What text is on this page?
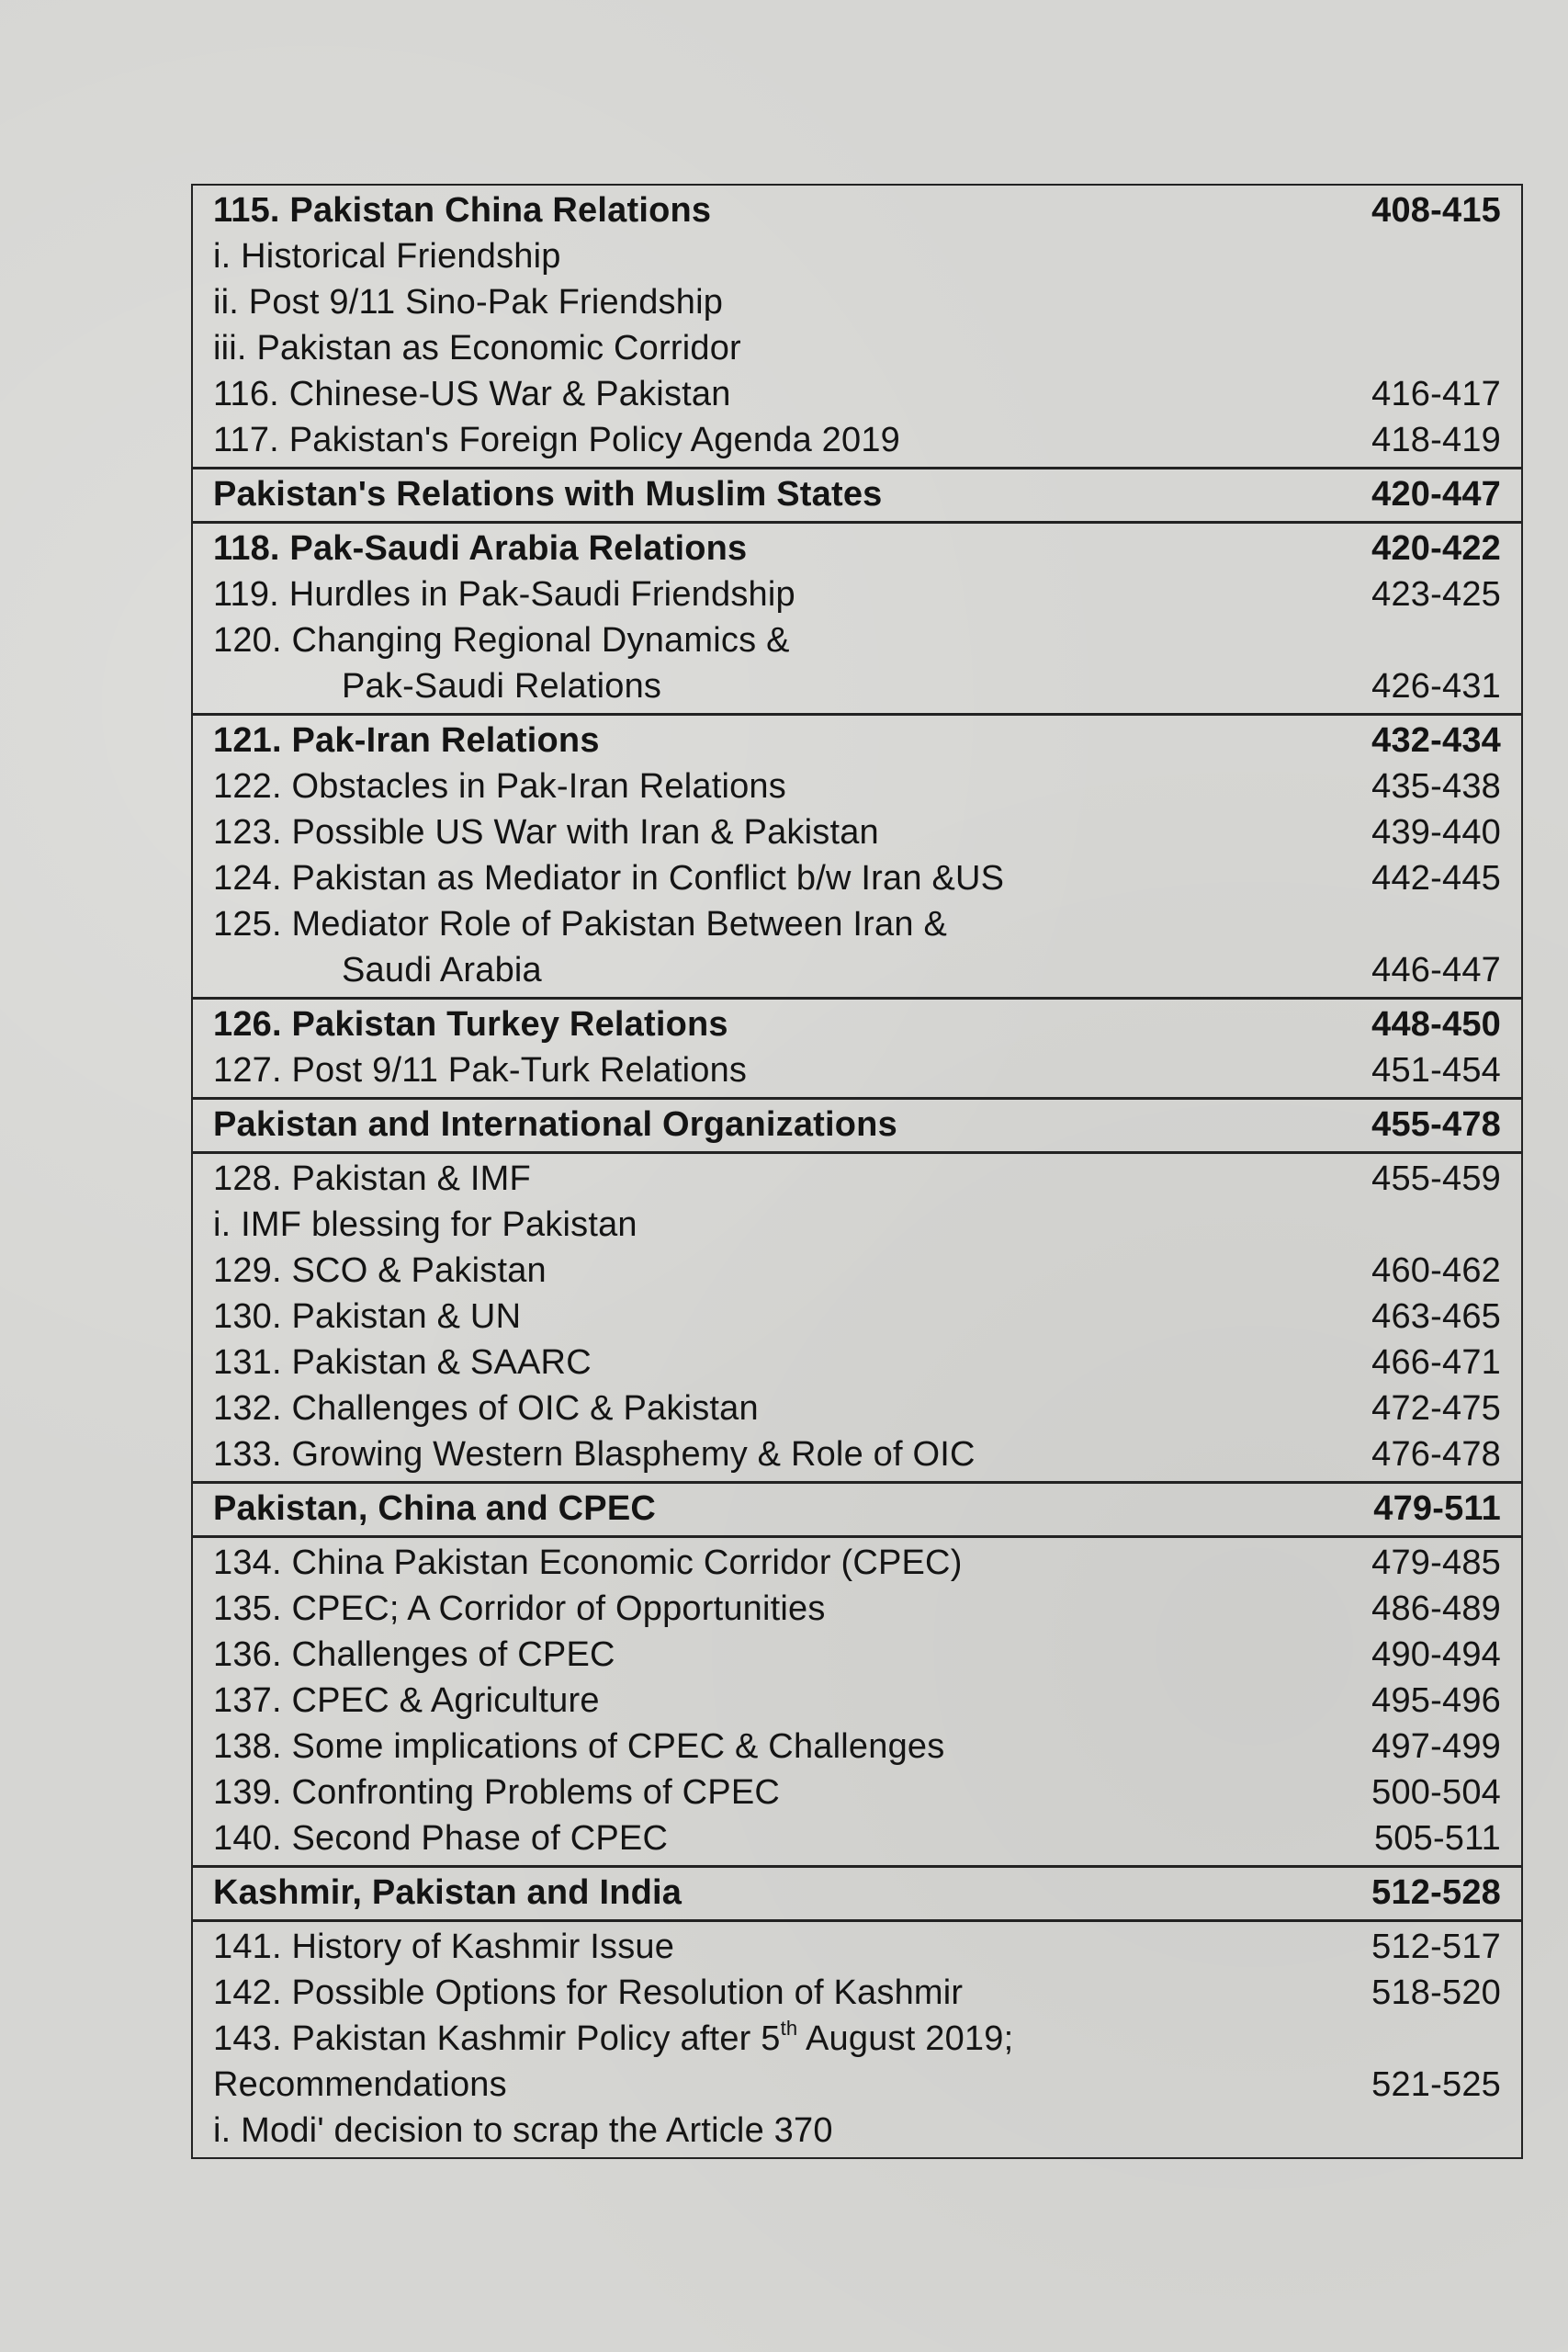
115. Pakistan China Relations	408-415
i. Historical Friendship
ii. Post 9/11 Sino-Pak Friendship
iii. Pakistan as Economic Corridor
116. Chinese-US War & Pakistan	416-417
117. Pakistan's Foreign Policy Agenda 2019	418-419
Pakistan's Relations with Muslim States	420-447
118. Pak-Saudi Arabia Relations	420-422
119. Hurdles in Pak-Saudi Friendship	423-425
120. Changing Regional Dynamics &
Pak-Saudi Relations	426-431
121. Pak-Iran Relations	432-434
122. Obstacles in Pak-Iran Relations	435-438
123. Possible US War with Iran & Pakistan	439-440
124. Pakistan as Mediator in Conflict b/w Iran &US	442-445
125. Mediator Role of Pakistan Between Iran &
Saudi Arabia	446-447
126. Pakistan Turkey Relations	448-450
127. Post 9/11 Pak-Turk Relations	451-454
Pakistan and International Organizations	455-478
128. Pakistan & IMF	455-459
i. IMF blessing for Pakistan
129. SCO & Pakistan	460-462
130. Pakistan & UN	463-465
131. Pakistan & SAARC	466-471
132. Challenges of OIC & Pakistan	472-475
133. Growing Western Blasphemy & Role of OIC	476-478
Pakistan, China and CPEC	479-511
134. China Pakistan Economic Corridor (CPEC)	479-485
135. CPEC; A Corridor of Opportunities	486-489
136. Challenges of CPEC	490-494
137. CPEC & Agriculture	495-496
138. Some implications of CPEC & Challenges	497-499
139. Confronting Problems of CPEC	500-504
140. Second Phase of CPEC	505-511
Kashmir, Pakistan and India	512-528
141. History of Kashmir Issue	512-517
142. Possible Options for Resolution of Kashmir	518-520
143. Pakistan Kashmir Policy after 5th August 2019;
Recommendations	521-525
i. Modi' decision to scrap the Article 370
